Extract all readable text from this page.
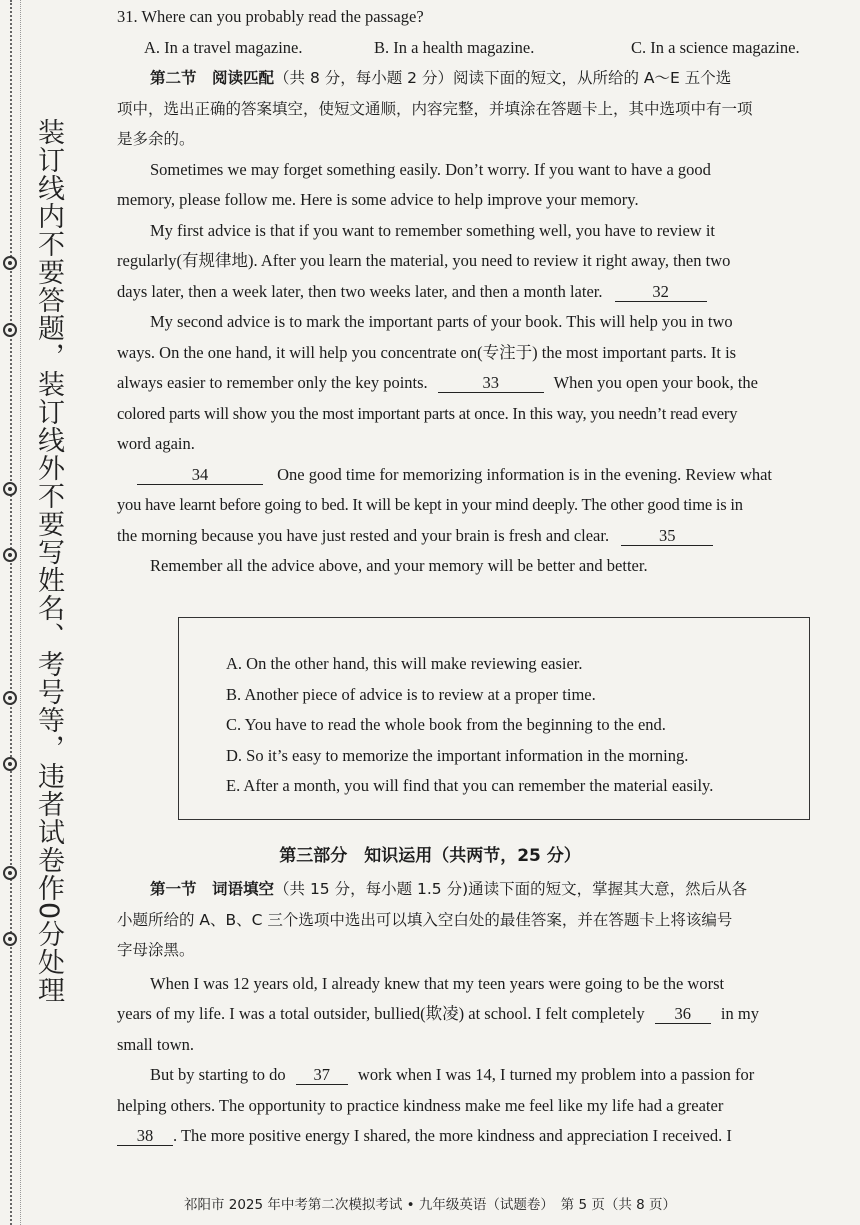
装订线内不要答题，装订线外不要写姓名、考号等，违者试卷作0分处理
31. Where can you probably read the passage?
A. In a travel magazine.	B. In a health magazine.	C. In a science magazine.
第二节　阅读匹配（共 8 分，每小题 2 分）阅读下面的短文，从所给的 A～E 五个选
项中，选出正确的答案填空，使短文通顺，内容完整，并填涂在答题卡上，其中选项中有一项
是多余的。
Sometimes we may forget something easily. Don’t worry. If you want to have a good
memory, please follow me. Here is some advice to help improve your memory.
My first advice is that if you want to remember something well, you have to review it
regularly(有规律地). After you learn the material, you need to review it right away, then two
days later, then a week later, then two weeks later, and then a month later.	32
My second advice is to mark the important parts of your book. This will help you in two
ways. On the one hand, it will help you concentrate on(专注于) the most important parts. It is
always easier to remember only the key points.	33	When you open your book, the
colored parts will show you the most important parts at once. In this way, you needn’t read every
word again.
34	One good time for memorizing information is in the evening. Review what
you have learnt before going to bed. It will be kept in your mind deeply. The other good time is in
the morning because you have just rested and your brain is fresh and clear.	35
Remember all the advice above, and your memory will be better and better.
A. On the other hand, this will make reviewing easier.
B. Another piece of advice is to review at a proper time.
C. You have to read the whole book from the beginning to the end.
D. So it’s easy to memorize the important information in the morning.
E. After a month, you will find that you can remember the material easily.
第三部分　知识运用（共两节，25 分）
第一节　词语填空（共 15 分，每小题 1.5 分)通读下面的短文，掌握其大意，然后从各
小题所给的 A、B、C 三个选项中选出可以填入空白处的最佳答案，并在答题卡上将该编号
字母涂黑。
When I was 12 years old, I already knew that my teen years were going to be the worst
years of my life. I was a total outsider, bullied(欺凌) at school. I felt completely 36 in my
small town.
But by starting to do 37 work when I was 14, I turned my problem into a passion for
helping others. The opportunity to practice kindness make me feel like my life had a greater
38 . The more positive energy I shared, the more kindness and appreciation I received. I
祁阳市 2025 年中考第二次模拟考试 • 九年级英语（试题卷）　第 5 页（共 8 页）
